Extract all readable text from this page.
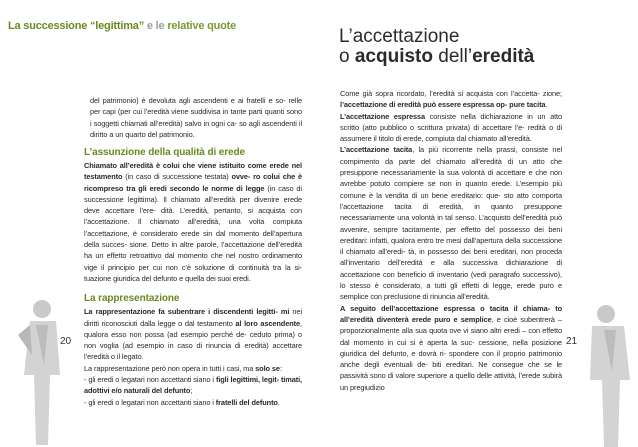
La successione “legittima” e le relative quote	L’accettazione
o acquisto dell’eredità

del patrimonio) è devoluta agli ascendenti e ai fratelli e so- relle per capi (per cui l’eredità viene suddivisa in tante parti quanti sono i soggetti chiamati all’eredità) salvo in ogni ca- so agli ascendenti il diritto a un quarto del patrimonio.

L’assunzione della qualità di erede

Chiamato all’eredità è colui che viene istituito come erede nel testamento (in caso di successione testata) ovve- ro colui che è ricompreso tra gli eredi secondo le norme di legge (in caso di successione legittima). Il chiamato all’eredità per divenire erede deve accettare l’ere- dità. L’eredità, pertanto, si acquista con l’accettazione. Il chiamato all’eredità, una volta compiuta l’accettazione, è considerato erede sin dal momento dell’apertura della succes- sione. Detto in altre parole, l’accettazione dell’eredità ha un effetto retroattivo dal momento che nel nostro ordinamento vige il principio per cui non c’è soluzione di continuità tra la si- tuazione giuridica del defunto e quella dei suoi eredi.

La rappresentazione

La rappresentazione fa subentrare i discendenti legitti- mi nei diritti riconosciuti dalla legge o dal testamento al loro ascendente, qualora esso non possa (ad esempio perché de- ceduto prima) o non voglia (ad esempio in caso di rinuncia di eredità) accettare l’eredità o il legato.

La rappresentazione però non opera in tutti i casi, ma solo se:

- gli eredi o legatari non accettanti siano i figli legittimi, legit- timati, adottivi e/o naturali del defunto;

- gli eredi o legatari non accettanti siano i fratelli del defunto.

20

Come già sopra ricordato, l’eredità si acquista con l’accetta- zione; l’accettazione di eredità può essere espressa op- pure tacita.

L’accettazione espressa consiste nella dichiarazione in un atto scritto (atto pubblico o scrittura privata) di accettare l’e- redità o di assumere il titolo di erede, compiuta dal chiamato all’eredità.

L’accettazione tacita, la più ricorrente nella prassi, consiste nel compimento da parte del chiamato all’eredità di un atto che presuppone necessariamente la sua volontà di accettare e che non avrebbe potuto compiere se non in quanto erede. L’esempio più comune è la vendita di un bene ereditario: que- sto atto comporta l’accettazione tacita di eredità, in quanto presuppone necessariamente una volontà in tal senso. L’acquisto dell’eredità può avvenire, sempre tacitamente, per effetto del possesso dei beni ereditari: infatti, qualora entro tre mesi dall’apertura della successione il chiamato all’eredi- tà, in possesso dei beni ereditari, non proceda all’inventario dell’eredità e alla successiva dichiarazione di accettazione con beneficio di inventario (vedi paragrafo successivo), lo stesso è considerato, a tutti gli effetti di legge, erede puro e semplice con preclusione di rinuncia all’eredità.

A seguito dell’accettazione espressa o tacita il chiama- to all’eredità diventerà erede puro e semplice, e cioè subentrerà – proporzionalmente alla sua quota ove vi siano altri eredi – con effetto dal momento in cui si è aperta la suc- cessione, nella posizione giuridica del defunto, e dovrà ri- spondere con il proprio patrimonio anche degli eventuali de- biti ereditari. Ne consegue che se le passività sono di valore superiore a quello delle attività, l’erede subirà un pregiudizio

21
